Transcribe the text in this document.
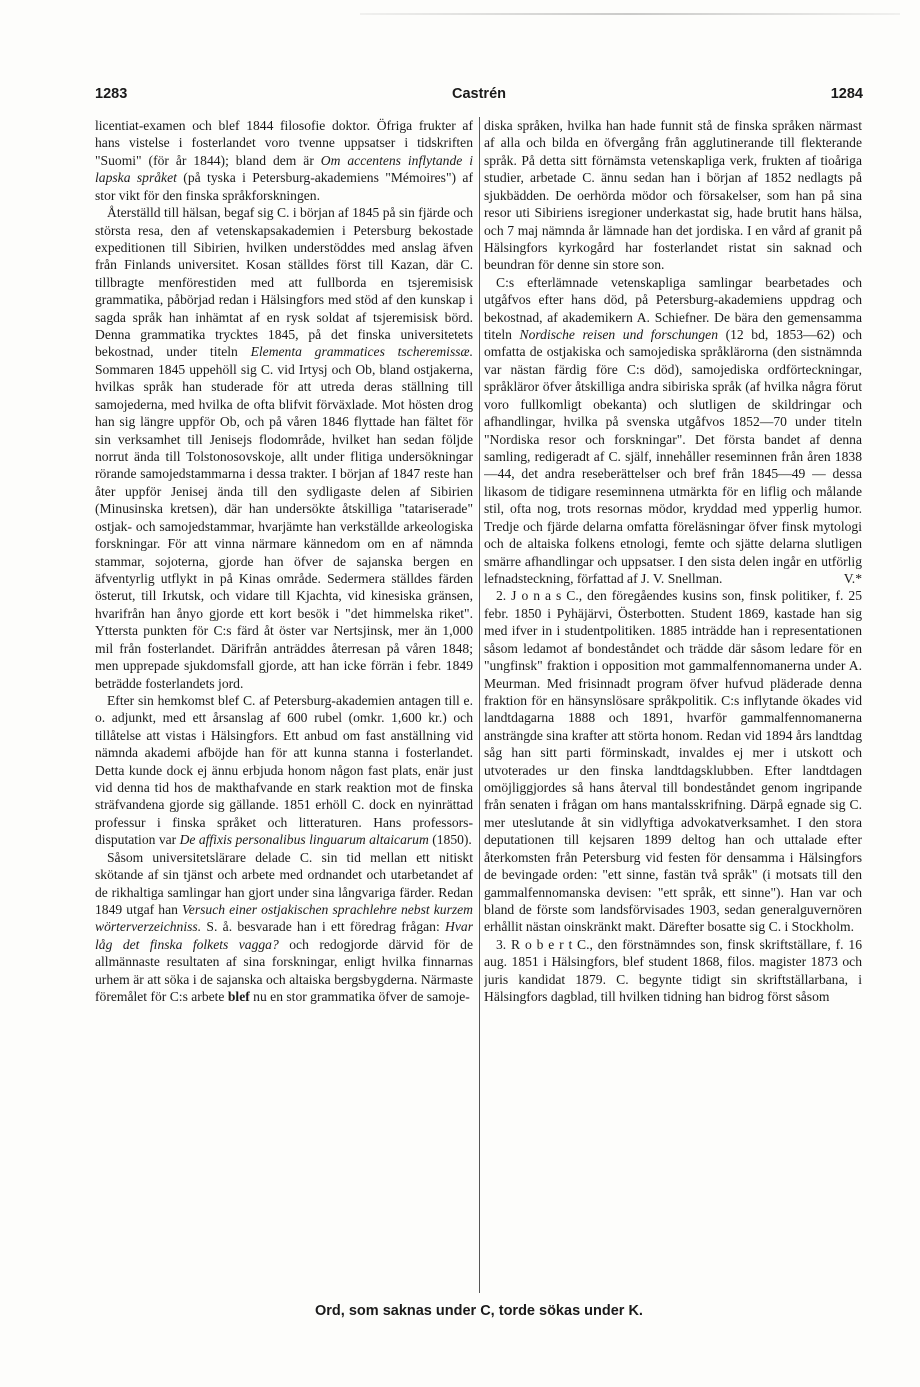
1283	Castrén	1284

licentiat-examen och blef 1844 filosofie doktor. Öfriga frukter af hans vistelse i fosterlandet voro tvenne uppsatser i tidskriften "Suomi" (för år 1844); bland dem är Om accentens inflytande i lapska språket (på tyska i Petersburg-akademiens "Mémoires") af stor vikt för den finska språkforskningen.

Återställd till hälsan, begaf sig C. i början af 1845 på sin fjärde och största resa, den af vetenskapsakademien i Petersburg bekostade expeditionen till Sibirien, hvilken understöddes med anslag äfven från Finlands universitet. Kosan ställdes först till Kazan, där C. tillbragte menförestiden med att fullborda en tsjeremisisk grammatika, påbörjad redan i Hälsingfors med stöd af den kunskap i sagda språk han inhämtat af en rysk soldat af tsjeremisisk börd. Denna grammatika trycktes 1845, på det finska universitetets bekostnad, under titeln Elementa grammatices tscheremissæ. Sommaren 1845 uppehöll sig C. vid Irtysj och Ob, bland ostjakerna, hvilkas språk han studerade för att utreda deras ställning till samojederna, med hvilka de ofta blifvit förväxlade. Mot hösten drog han sig längre uppför Ob, och på våren 1846 flyttade han fältet för sin verksamhet till Jenisejs flodområde, hvilket han sedan följde norrut ända till Tolstonosovskoje, allt under flitiga undersökningar rörande samojedstammarna i dessa trakter. I början af 1847 reste han åter uppför Jenisej ända till den sydligaste delen af Sibirien (Minusinska kretsen), där han undersökte åtskilliga "tatariserade" ostjak- och samojedstammar, hvarjämte han verkställde arkeologiska forskningar. För att vinna närmare kännedom om en af nämnda stammar, sojoterna, gjorde han öfver de sajanska bergen en äfventyrlig utflykt in på Kinas område. Sedermera ställdes färden österut, till Irkutsk, och vidare till Kjachta, vid kinesiska gränsen, hvarifrån han ånyo gjorde ett kort besök i "det himmelska riket". Yttersta punkten för C:s färd åt öster var Nertsjinsk, mer än 1,000 mil från fosterlandet. Därifrån anträddes återresan på våren 1848; men upprepade sjukdomsfall gjorde, att han icke förrän i febr. 1849 beträdde fosterlandets jord.

Efter sin hemkomst blef C. af Petersburg-akademien antagen till e. o. adjunkt, med ett årsanslag af 600 rubel (omkr. 1,600 kr.) och tillåtelse att vistas i Hälsingfors. Ett anbud om fast anställning vid nämnda akademi afböjde han för att kunna stanna i fosterlandet. Detta kunde dock ej ännu erbjuda honom någon fast plats, enär just vid denna tid hos de makthafvande en stark reaktion mot de finska sträfvandena gjorde sig gällande. 1851 erhöll C. dock en nyinrättad professur i finska språket och litteraturen. Hans professors-disputation var De affixis personalibus linguarum altaicarum (1850).

Såsom universitetslärare delade C. sin tid mellan ett nitiskt skötande af sin tjänst och arbete med ordnandet och utarbetandet af de rikhaltiga samlingar han gjort under sina långvariga färder. Redan 1849 utgaf han Versuch einer ostjakischen sprachlehre nebst kurzem wörterverzeichniss. S. å. besvarade han i ett föredrag frågan: Hvar låg det finska folkets vagga? och redogjorde därvid för de allmännaste resultaten af sina forskningar, enligt hvilka finnarnas urhem är att söka i de sajanska och altaiska bergsbygderna. Närmaste föremålet för C:s arbete blef nu en stor grammatika öfver de samoje-

diska språken, hvilka han hade funnit stå de finska språken närmast af alla och bilda en öfvergång från agglutinerande till flekterande språk. På detta sitt förnämsta vetenskapliga verk, frukten af tioåriga studier, arbetade C. ännu sedan han i början af 1852 nedlagts på sjukbädden. De oerhörda mödor och försakelser, som han på sina resor uti Sibiriens isregioner underkastat sig, hade brutit hans hälsa, och 7 maj nämnda år lämnade han det jordiska. I en vård af granit på Hälsingfors kyrkogård har fosterlandet ristat sin saknad och beundran för denne sin store son.

C:s efterlämnade vetenskapliga samlingar bearbetades och utgåfvos efter hans död, på Petersburg-akademiens uppdrag och bekostnad, af akademikern A. Schiefner. De bära den gemensamma titeln Nordische reisen und forschungen (12 bd, 1853—62) och omfatta de ostjakiska och samojediska språklärorna (den sistnämnda var nästan färdig före C:s död), samojediska ordförteckningar, språkläror öfver åtskilliga andra sibiriska språk (af hvilka några förut voro fullkomligt obekanta) och slutligen de skildringar och afhandlingar, hvilka på svenska utgåfvos 1852—70 under titeln "Nordiska resor och forskningar". Det första bandet af denna samling, redigeradt af C. själf, innehåller reseminnen från åren 1838—44, det andra reseberättelser och bref från 1845—49 — dessa likasom de tidigare reseminnena utmärkta för en liflig och målande stil, ofta nog, trots resornas mödor, kryddad med ypperlig humor. Tredje och fjärde delarna omfatta föreläsningar öfver finsk mytologi och de altaiska folkens etnologi, femte och sjätte delarna slutligen smärre afhandlingar och uppsatser. I den sista delen ingår en utförlig lefnadsteckning, författad af J. V. Snellman.	V.*

2. J o n a s C., den föregåendes kusins son, finsk politiker, f. 25 febr. 1850 i Pyhäjärvi, Österbotten. Student 1869, kastade han sig med ifver in i studentpolitiken. 1885 inträdde han i representationen såsom ledamot af bondeståndet och trädde där såsom ledare för en "ungfinsk" fraktion i opposition mot gammalfennomanerna under A. Meurman. Med frisinnadt program öfver hufvud pläderade denna fraktion för en hänsynslösare språkpolitik. C:s inflytande ökades vid landtdagarna 1888 och 1891, hvarför gammalfennomanerna ansträngde sina krafter att störta honom. Redan vid 1894 års landtdag såg han sitt parti förminskadt, invaldes ej mer i utskott och utvoterades ur den finska landtdagsklubben. Efter landtdagen omöjliggjordes så hans återval till bondeståndet genom ingripande från senaten i frågan om hans mantalsskrifning. Därpå egnade sig C. mer uteslutande åt sin vidlyftiga advokatverksamhet. I den stora deputationen till kejsaren 1899 deltog han och uttalade efter återkomsten från Petersburg vid festen för densamma i Hälsingfors de bevingade orden: "ett sinne, fastän två språk" (i motsats till den gammalfennomanska devisen: "ett språk, ett sinne"). Han var och bland de förste som landsförvisades 1903, sedan generalguvernören erhållit nästan oinskränkt makt. Därefter bosatte sig C. i Stockholm.

3. R o b e r t C., den förstnämndes son, finsk skriftställare, f. 16 aug. 1851 i Hälsingfors, blef student 1868, filos. magister 1873 och juris kandidat 1879. C. begynte tidigt sin skriftställarbana, i Hälsingfors dagblad, till hvilken tidning han bidrog först såsom

Ord, som saknas under C, torde sökas under K.
